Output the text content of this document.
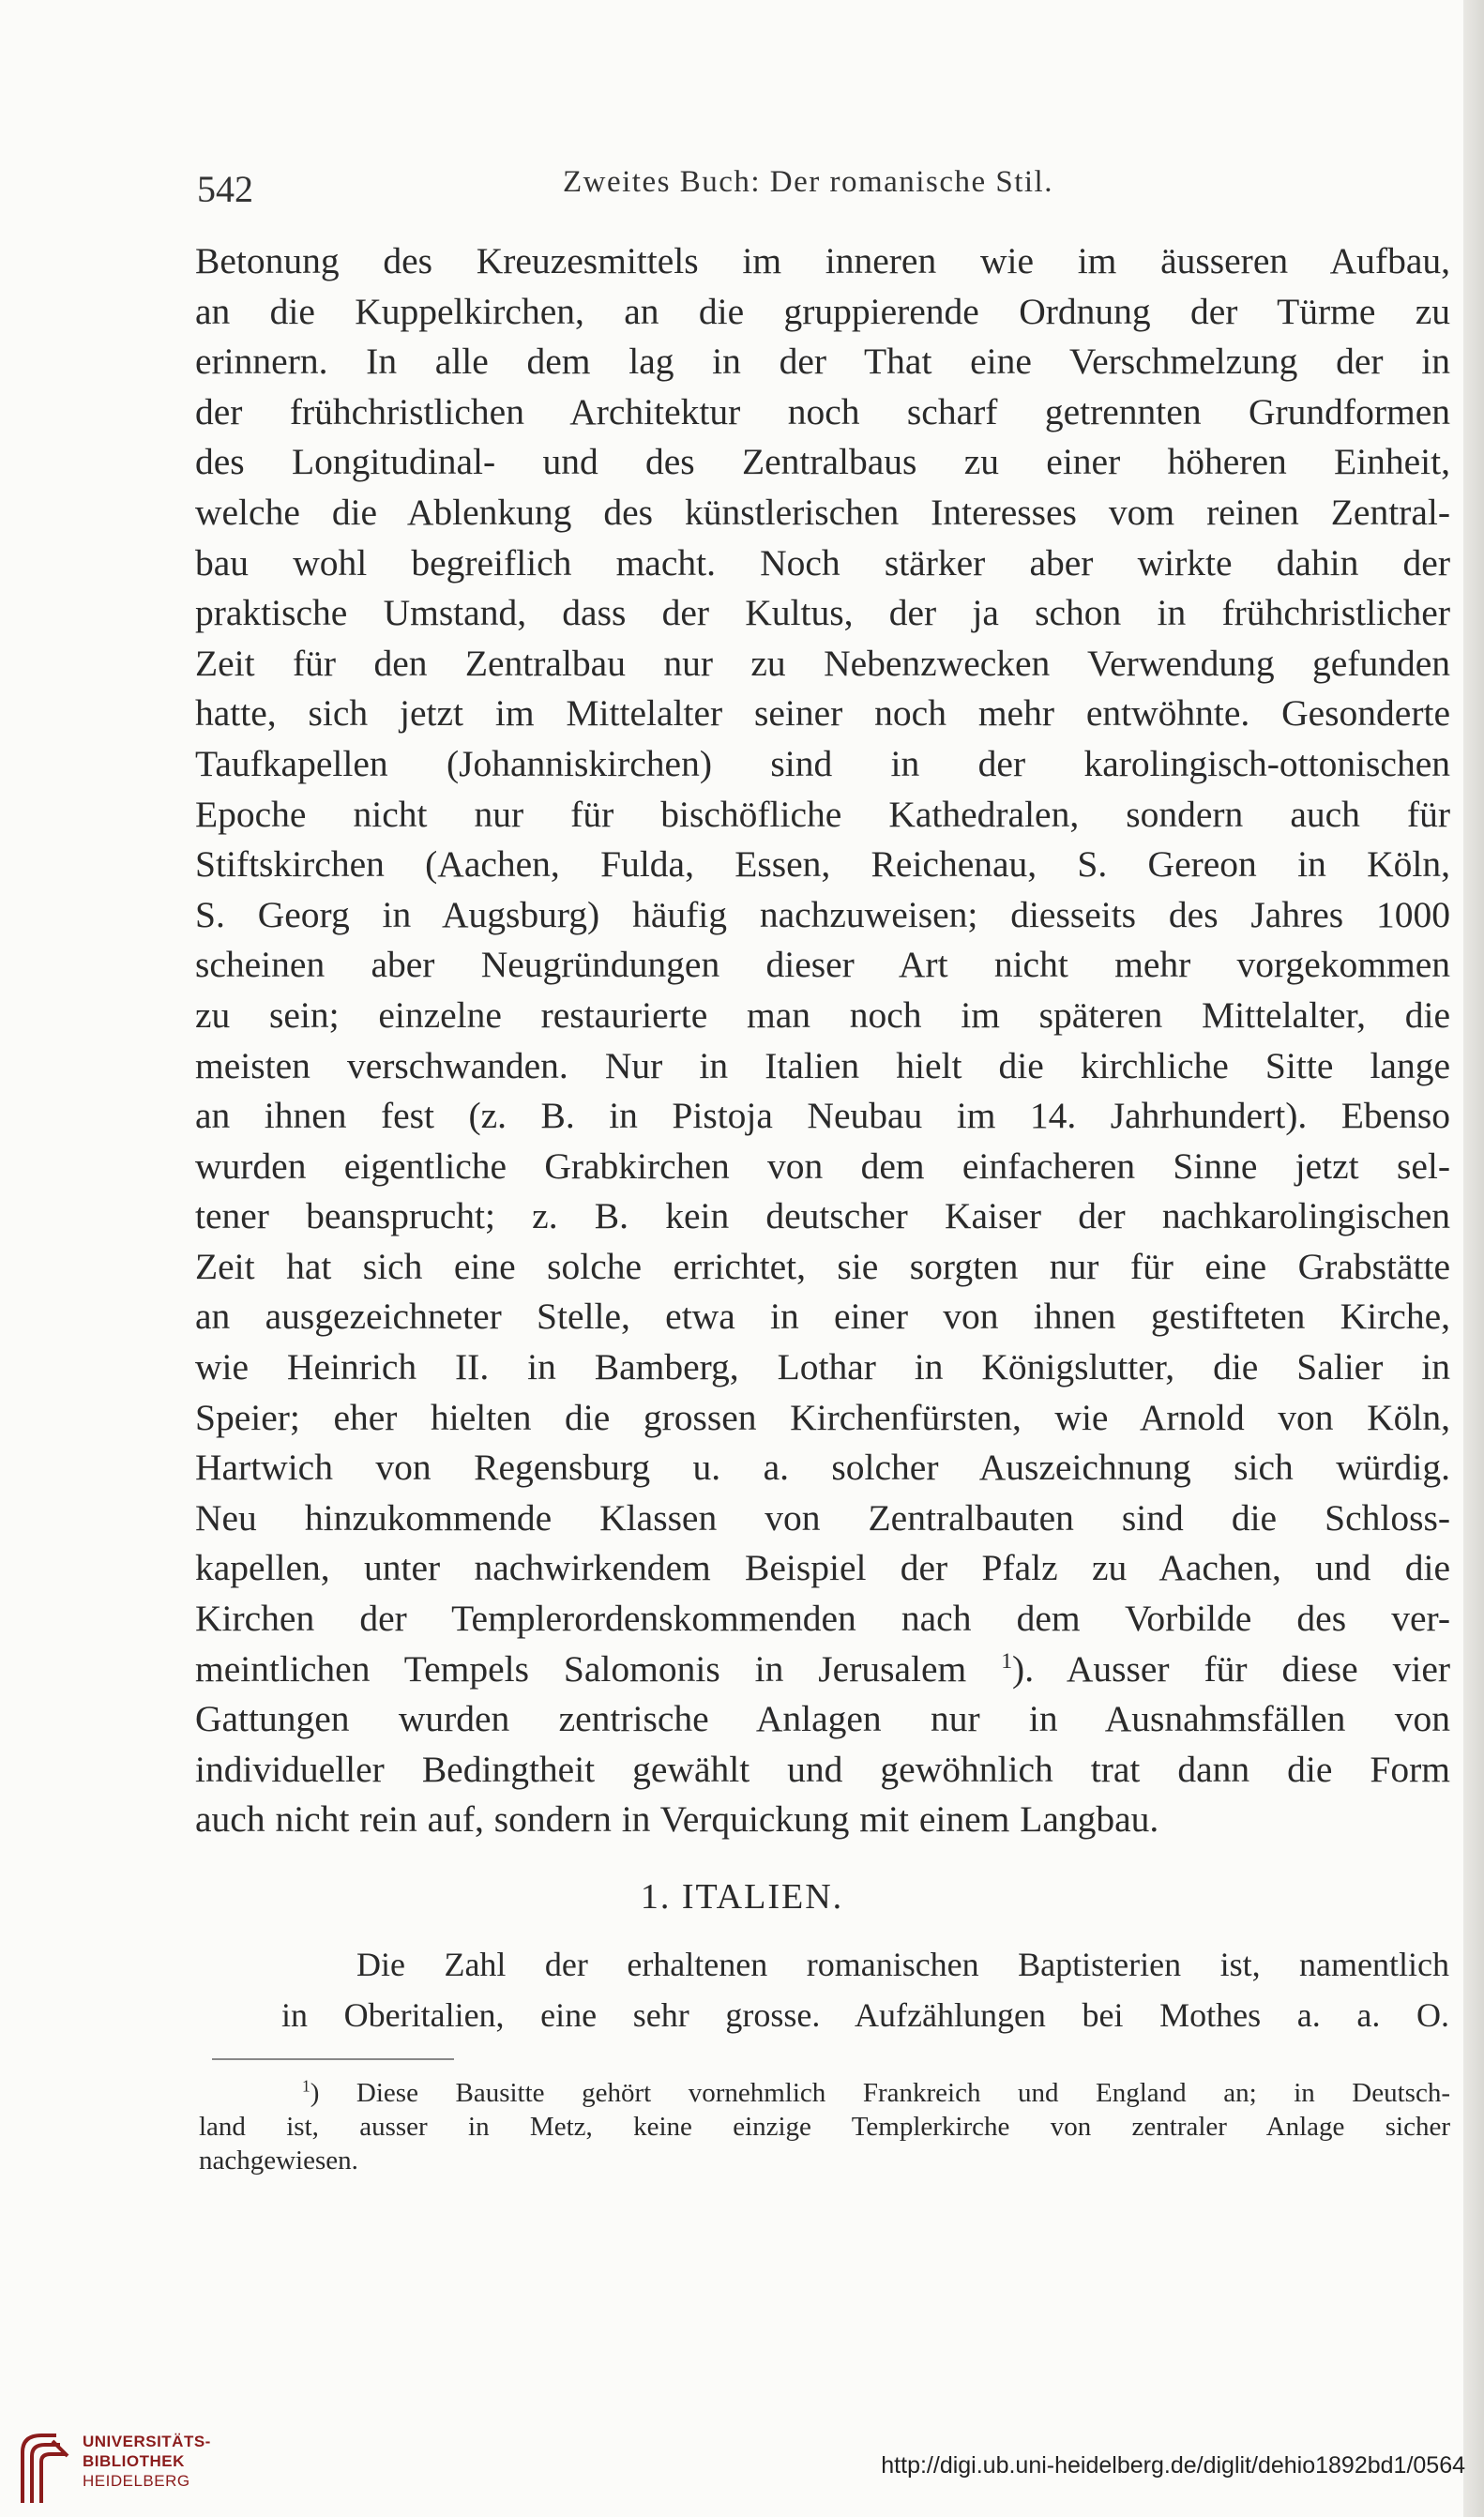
542	Zweites Buch: Der romanische Stil.
Betonung des Kreuzesmittels im inneren wie im äusseren Aufbau,
an die Kuppelkirchen, an die gruppierende Ordnung der Türme zu
erinnern. In alle dem lag in der That eine Verschmelzung der in
der frühchristlichen Architektur noch scharf getrennten Grundformen
des Longitudinal- und des Zentralbaus zu einer höheren Einheit,
welche die Ablenkung des künstlerischen Interesses vom reinen Zentral-
bau wohl begreiflich macht. Noch stärker aber wirkte dahin der
praktische Umstand, dass der Kultus, der ja schon in frühchristlicher
Zeit für den Zentralbau nur zu Nebenzwecken Verwendung gefunden
hatte, sich jetzt im Mittelalter seiner noch mehr entwöhnte. Gesonderte
Taufkapellen (Johanniskirchen) sind in der karolingisch-ottonischen
Epoche nicht nur für bischöfliche Kathedralen, sondern auch für
Stiftskirchen (Aachen, Fulda, Essen, Reichenau, S. Gereon in Köln,
S. Georg in Augsburg) häufig nachzuweisen; diesseits des Jahres 1000
scheinen aber Neugründungen dieser Art nicht mehr vorgekommen
zu sein; einzelne restaurierte man noch im späteren Mittelalter, die
meisten verschwanden. Nur in Italien hielt die kirchliche Sitte lange
an ihnen fest (z. B. in Pistoja Neubau im 14. Jahrhundert). Ebenso
wurden eigentliche Grabkirchen von dem einfacheren Sinne jetzt sel-
tener beansprucht; z. B. kein deutscher Kaiser der nachkarolingischen
Zeit hat sich eine solche errichtet, sie sorgten nur für eine Grabstätte
an ausgezeichneter Stelle, etwa in einer von ihnen gestifteten Kirche,
wie Heinrich II. in Bamberg, Lothar in Königslutter, die Salier in
Speier; eher hielten die grossen Kirchenfürsten, wie Arnold von Köln,
Hartwich von Regensburg u. a. solcher Auszeichnung sich würdig.
Neu hinzukommende Klassen von Zentralbauten sind die Schloss-
kapellen, unter nachwirkendem Beispiel der Pfalz zu Aachen, und die
Kirchen der Templerordenskommenden nach dem Vorbilde des ver-
meintlichen Tempels Salomonis in Jerusalem $^1$). Ausser für diese vier
Gattungen wurden zentrische Anlagen nur in Ausnahmsfällen von
individueller Bedingtheit gewählt und gewöhnlich trat dann die Form
auch nicht rein auf, sondern in Verquickung mit einem Langbau.
1. ITALIEN.
Die Zahl der erhaltenen romanischen Baptisterien ist, namentlich
in Oberitalien, eine sehr grosse. Aufzählungen bei Mothes a. a. O.
$^1$) Diese Bausitte gehört vornehmlich Frankreich und England an; in Deutsch-
land ist, ausser in Metz, keine einzige Templerkirche von zentraler Anlage sicher
nachgewiesen.
UNIVERSITÄTS-
BIBLIOTHEK
HEIDELBERG
http://digi.ub.uni-heidelberg.de/diglit/dehio1892bd1/0564
